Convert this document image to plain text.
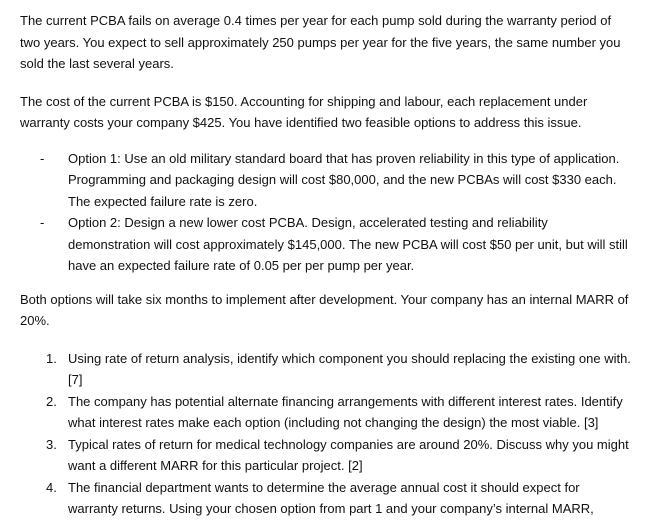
The current PCBA fails on average 0.4 times per year for each pump sold during the warranty period of two years. You expect to sell approximately 250 pumps per year for the five years, the same number you sold the last several years.

The cost of the current PCBA is $150. Accounting for shipping and labour, each replacement under warranty costs your company $425. You have identified two feasible options to address this issue.

- Option 1: Use an old military standard board that has proven reliability in this type of application. Programming and packaging design will cost $80,000, and the new PCBAs will cost $330 each. The expected failure rate is zero.
- Option 2: Design a new lower cost PCBA. Design, accelerated testing and reliability demonstration will cost approximately $145,000. The new PCBA will cost $50 per unit, but will still have an expected failure rate of 0.05 per per pump per year.

Both options will take six months to implement after development. Your company has an internal MARR of 20%.

1. Using rate of return analysis, identify which component you should replacing the existing one with. [7]
2. The company has potential alternate financing arrangements with different interest rates. Identify what interest rates make each option (including not changing the design) the most viable. [3]
3. Typical rates of return for medical technology companies are around 20%. Discuss why you might want a different MARR for this particular project. [2]
4. The financial department wants to determine the average annual cost it should expect for warranty returns. Using your chosen option from part 1 and your company’s internal MARR,
